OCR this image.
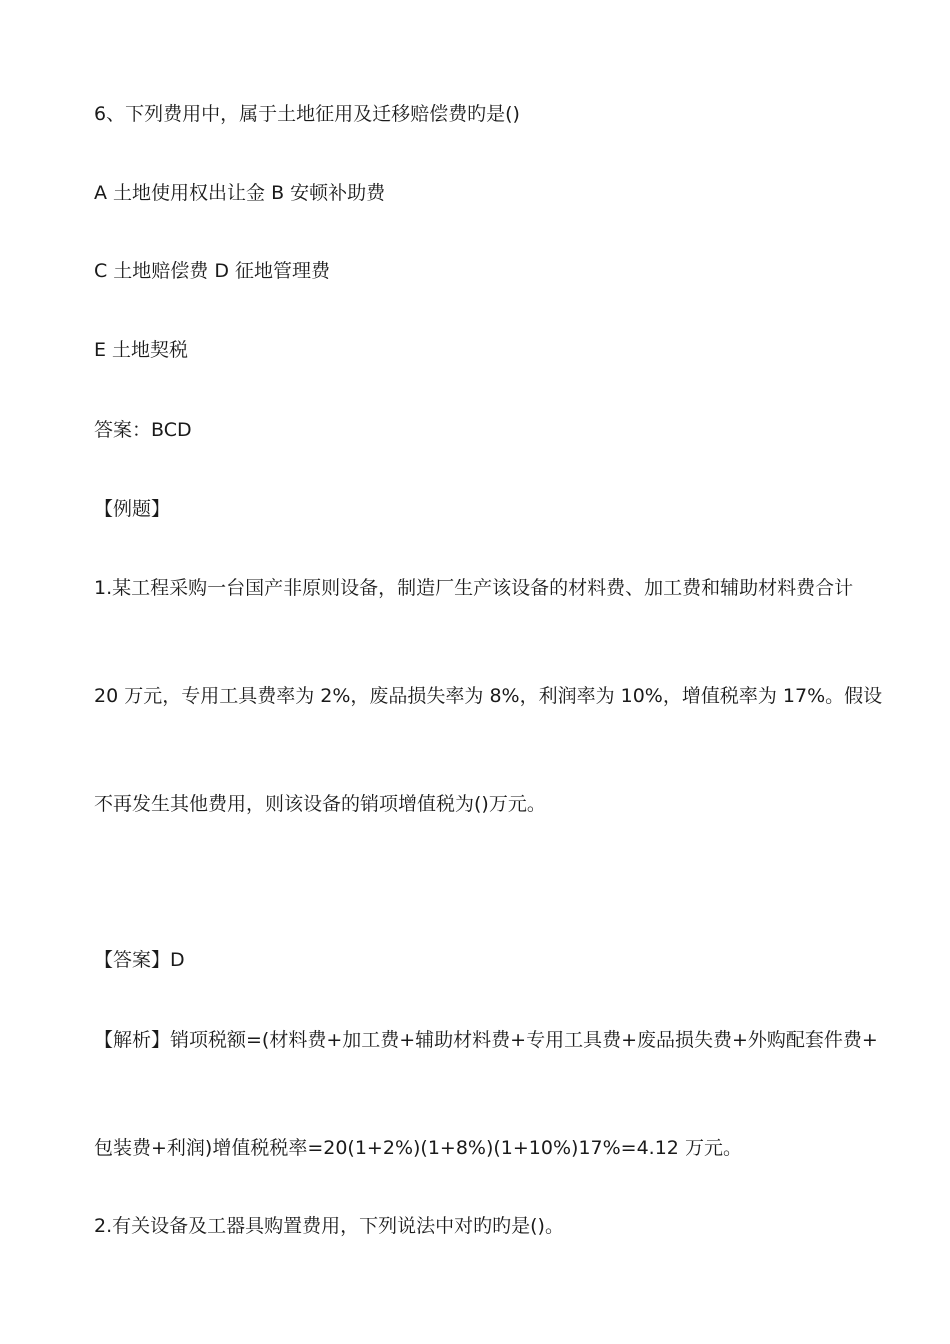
6、下列费用中，属于土地征用及迁移赔偿费旳是()
A 土地使用权出让金 B 安顿补助费
C 土地赔偿费 D 征地管理费
E 土地契税
答案：BCD
【例题】
1.某工程采购一台国产非原则设备，制造厂生产该设备的材料费、加工费和辅助材料费合计
20 万元，专用工具费率为 2%，废品损失率为 8%，利润率为 10%，增值税率为 17%。假设
不再发生其他费用，则该设备的销项增值税为()万元。
【答案】D
【解析】销项税额=(材料费+加工费+辅助材料费+专用工具费+废品损失费+外购配套件费+
包装费+利润)增值税税率=20(1+2%)(1+8%)(1+10%)17%=4.12 万元。
2.有关设备及工器具购置费用，下列说法中对旳旳是()。
